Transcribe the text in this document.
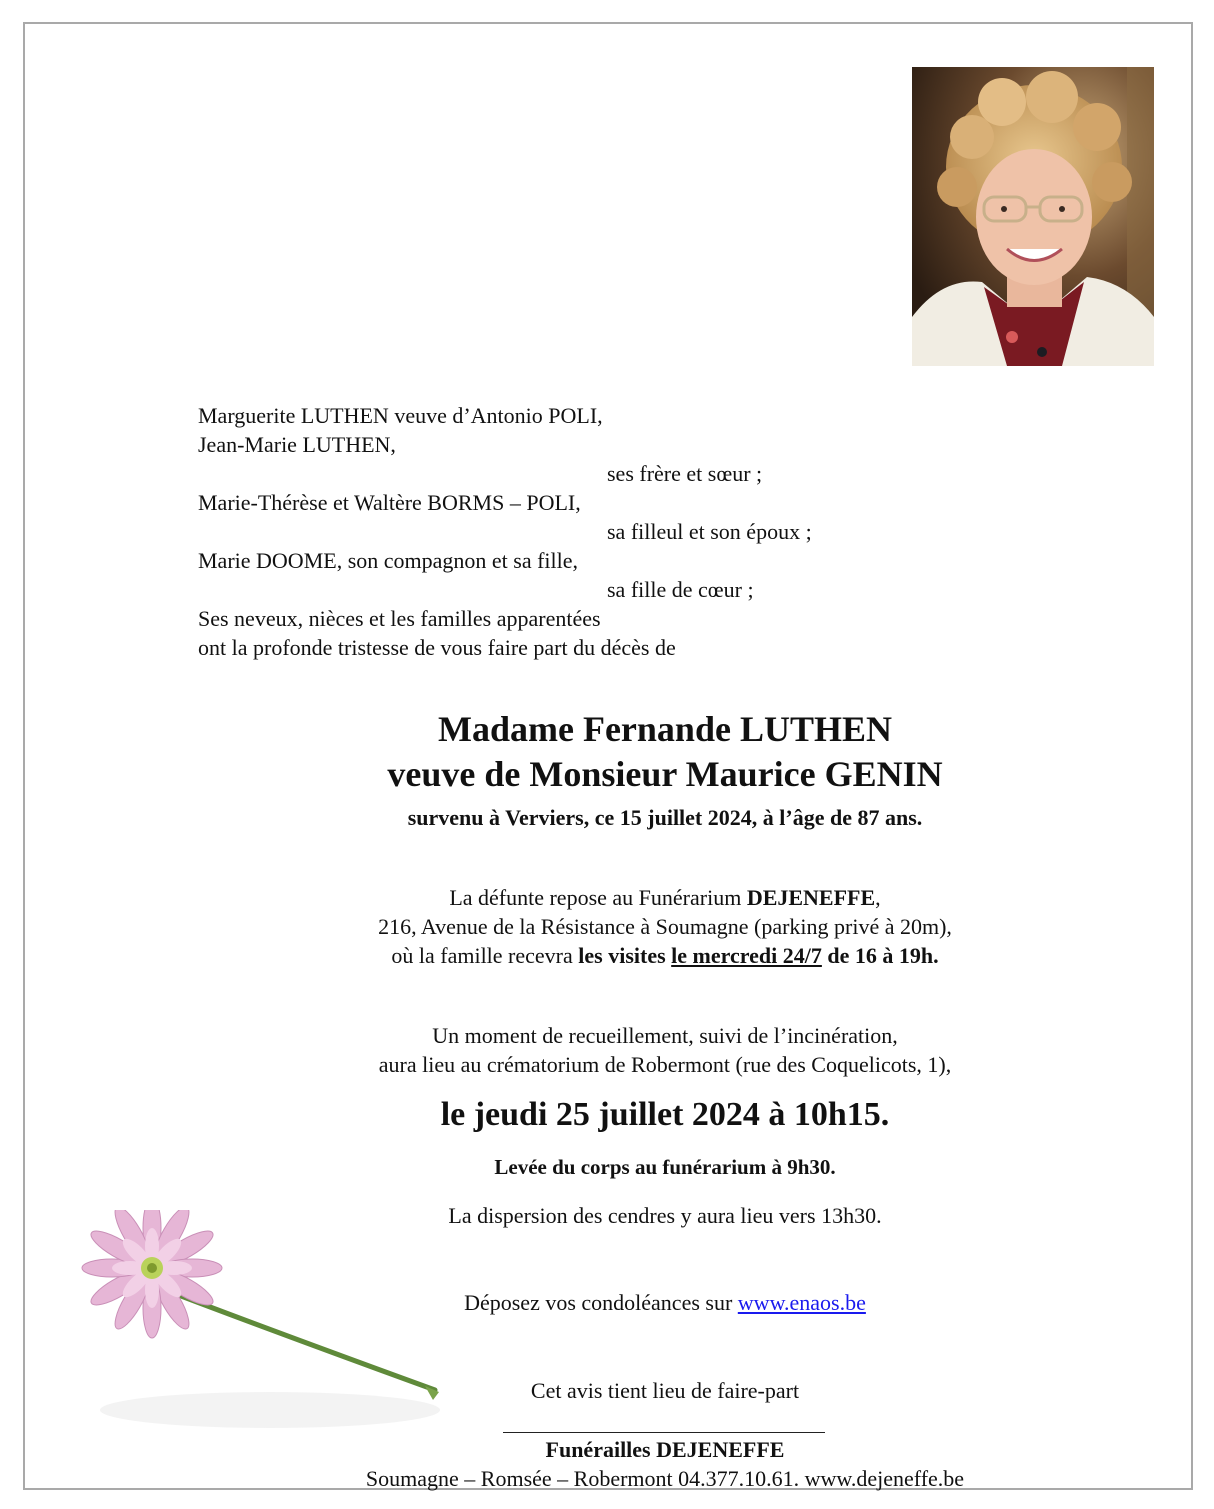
Marguerite LUTHEN veuve d’Antonio POLI,
Jean-Marie LUTHEN,
ses frère et sœur ;
Marie-Thérèse et Waltère BORMS – POLI,
sa filleul et son époux ;
Marie DOOME, son compagnon et sa fille,
sa fille de cœur ;
Ses neveux, nièces et les familles apparentées
ont la profonde tristesse de vous faire part du décès de
Madame Fernande LUTHEN
veuve de Monsieur Maurice GENIN
survenu à Verviers, ce 15 juillet 2024, à l’âge de 87 ans.
La défunte repose au Funérarium DEJENEFFE,
216, Avenue de la Résistance à Soumagne (parking privé à 20m),
où la famille recevra les visites le mercredi 24/7 de 16 à 19h.
Un moment de recueillement, suivi de l’incinération,
aura lieu au crématorium de Robermont (rue des Coquelicots, 1),
le jeudi 25 juillet 2024 à 10h15.
Levée du corps au funérarium à 9h30.
La dispersion des cendres y aura lieu vers 13h30.
Déposez vos condoléances sur www.enaos.be
Cet avis tient lieu de faire-part
Funérailles DEJENEFFE
Soumagne – Romsée – Robermont 04.377.10.61. www.dejeneffe.be
